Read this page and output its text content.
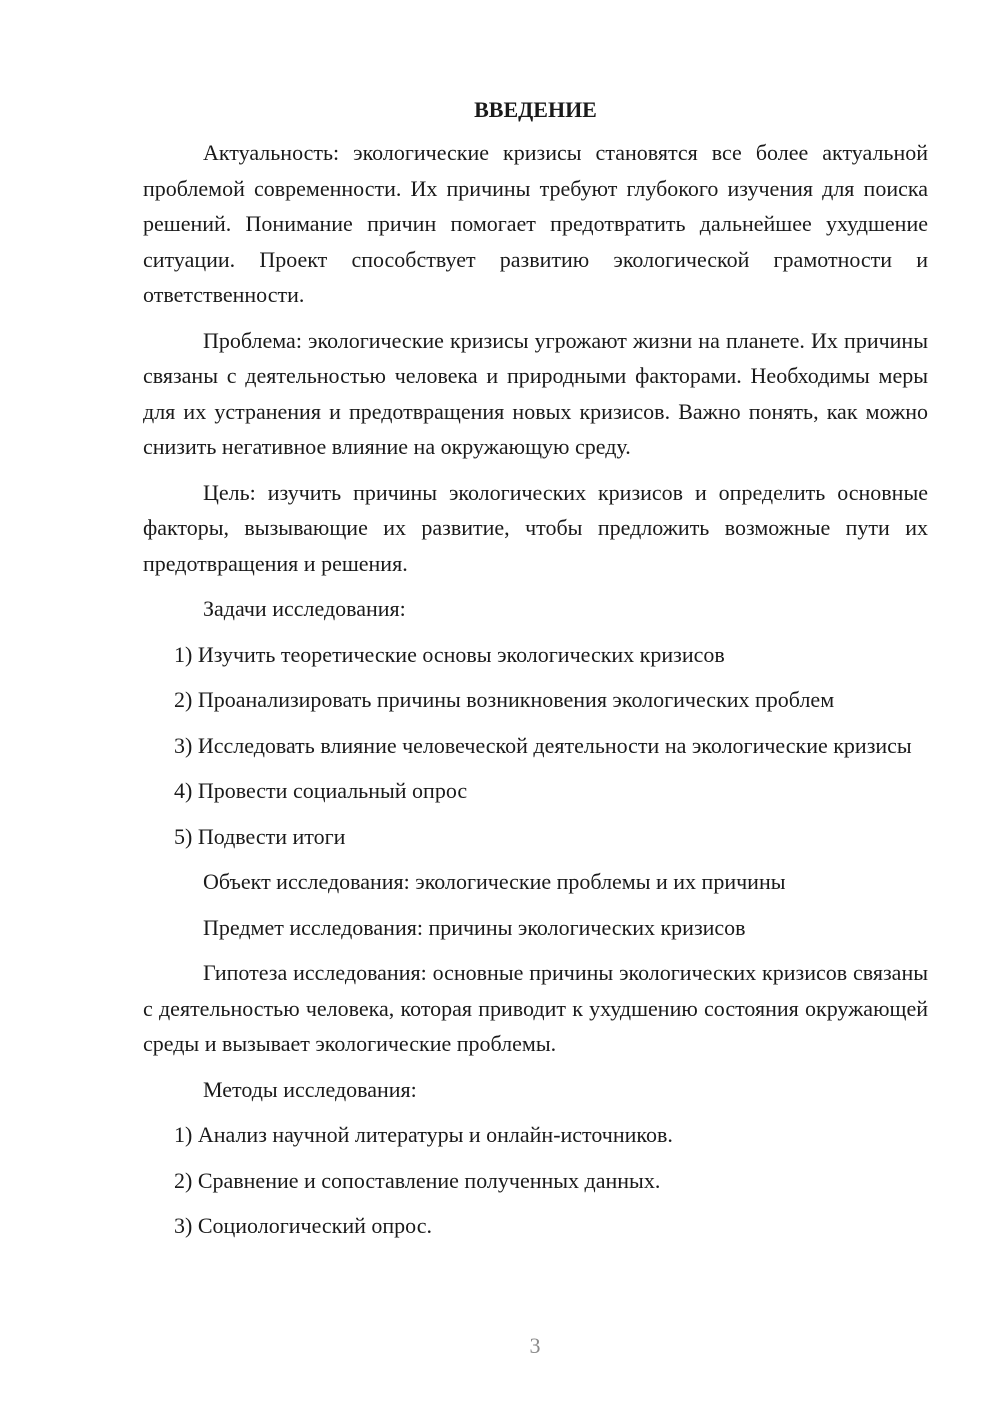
ВВЕДЕНИЕ

Актуальность: экологические кризисы становятся все более актуальной проблемой современности. Их причины требуют глубокого изучения для поиска решений. Понимание причин помогает предотвратить дальнейшее ухудшение ситуации. Проект способствует развитию экологической грамотности и ответственности.

Проблема: экологические кризисы угрожают жизни на планете. Их причины связаны с деятельностью человека и природными факторами. Необходимы меры для их устранения и предотвращения новых кризисов. Важно понять, как можно снизить негативное влияние на окружающую среду.

Цель: изучить причины экологических кризисов и определить основные факторы, вызывающие их развитие, чтобы предложить возможные пути их предотвращения и решения.

Задачи исследования:

1) Изучить теоретические основы экологических кризисов

2) Проанализировать причины возникновения экологических проблем

3) Исследовать влияние человеческой деятельности на экологические кризисы

4) Провести социальный опрос

5) Подвести итоги

Объект исследования: экологические проблемы и их причины

Предмет исследования: причины экологических кризисов

Гипотеза исследования: основные причины экологических кризисов связаны с деятельностью человека, которая приводит к ухудшению состояния окружающей среды и вызывает экологические проблемы.

Методы исследования:

1) Анализ научной литературы и онлайн-источников.

2) Сравнение и сопоставление полученных данных.

3) Социологический опрос.

3
